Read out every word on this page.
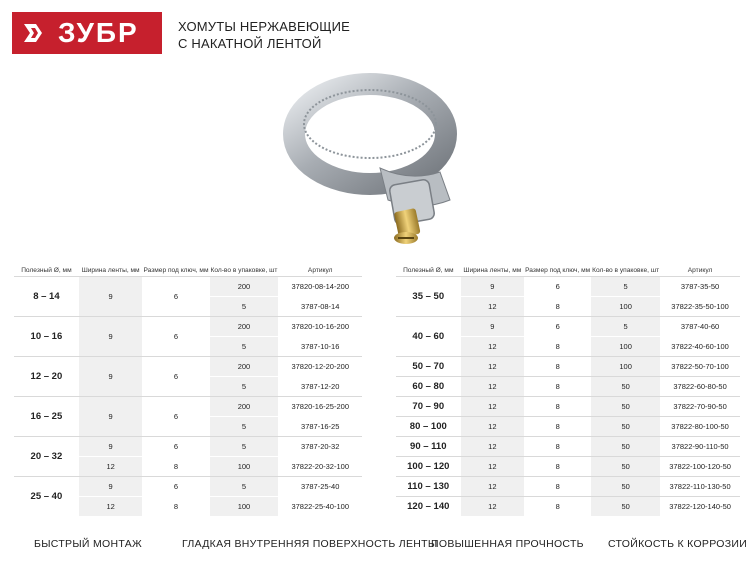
ЗУБР	ХОМУТЫ НЕРЖАВЕЮЩИЕ
С НАКАТНОЙ ЛЕНТОЙ
Полезный Ø, мм	Ширина ленты, мм	Размер под ключ, мм	Кол-во в упаковке, шт	Артикул
8 – 14	9	6	200	37820-08-14-200
			5	3787-08-14
10 – 16	9	6	200	37820-10-16-200
			5	3787-10-16
12 – 20	9	6	200	37820-12-20-200
			5	3787-12-20
16 – 25	9	6	200	37820-16-25-200
			5	3787-16-25
20 – 32	9	6	5	3787-20-32
	12	8	100	37822-20-32-100
25 – 40	9	6	5	3787-25-40
	12	8	100	37822-25-40-100
Полезный Ø, мм	Ширина ленты, мм	Размер под ключ, мм	Кол-во в упаковке, шт	Артикул
35 – 50	9	6	5	3787-35-50
	12	8	100	37822-35-50-100
40 – 60	9	6	5	3787-40-60
	12	8	100	37822-40-60-100
50 – 70	12	8	100	37822-50-70-100
60 – 80	12	8	50	37822-60-80-50
70 – 90	12	8	50	37822-70-90-50
80 – 100	12	8	50	37822-80-100-50
90 – 110	12	8	50	37822-90-110-50
100 – 120	12	8	50	37822-100-120-50
110 – 130	12	8	50	37822-110-130-50
120 – 140	12	8	50	37822-120-140-50
БЫСТРЫЙ МОНТАЖ	ГЛАДКАЯ ВНУТРЕННЯЯ ПОВЕРХНОСТЬ ЛЕНТЫ
ПОВЫШЕННАЯ ПРОЧНОСТЬ СТОЙКОСТЬ К КОРРОЗИИ
